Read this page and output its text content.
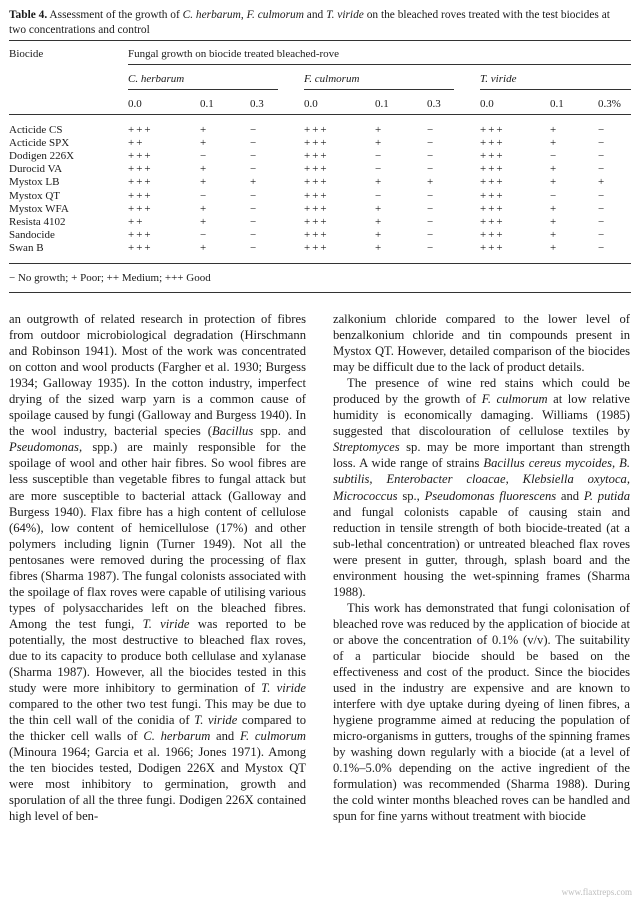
Table 4. Assessment of the growth of C. herbarum, F. culmorum and T. viride on the bleached roves treated with the test biocides at two concentrations and control
Biocide	Fungal growth on biocide treated bleached-rove
C. herbarum	F. culmorum	T. viride
0.0	0.1	0.3	0.0	0.1	0.3	0.0	0.1	0.3%
Acticide CS	+++	+	−	+++	+	−	+++	+	−
Acticide SPX	++	+	−	+++	+	−	+++	+	−
Dodigen 226X	+++	−	−	+++	−	−	+++	−	−
Durocid VA	+++	+	−	+++	−	−	+++	+	−
Mystox LB	+++	+	+	+++	+	+	+++	+	+
Mystox QT	+++	−	−	+++	−	−	+++	−	−
Mystox WFA	+++	+	−	+++	+	−	+++	+	−
Resista 4102	++	+	−	+++	+	−	+++	+	−
Sandocide	+++	−	−	+++	+	−	+++	+	−
Swan B	+++	+	−	+++	+	−	+++	+	−
− No growth; + Poor; ++ Medium; +++ Good

an outgrowth of related research in protection of fibres from outdoor microbiological degradation (Hirschmann and Robinson 1941). Most of the work was concentrated on cotton and wool products (Fargher et al. 1930; Burgess 1934; Galloway 1935). In the cotton industry, imperfect drying of the sized warp yarn is a common cause of spoilage caused by fungi (Galloway and Burgess 1940). In the wool industry, bacterial species (Bacillus spp. and Pseudomonas, spp.) are mainly responsible for the spoilage of wool and other hair fibres. So wool fibres are less susceptible than vegetable fibres to fungal attack but are more susceptible to bacterial attack (Galloway and Burgess 1940). Flax fibre has a high content of cellulose (64%), low content of hemicellulose (17%) and other polymers including lignin (Turner 1949). Not all the pentosanes were removed during the processing of flax fibres (Sharma 1987). The fungal colonists associated with the spoilage of flax roves were capable of utilising various types of polysaccharides left on the bleached fibres. Among the test fungi, T. viride was reported to be potentially, the most destructive to bleached flax roves, due to its capacity to produce both cellulase and xylanase (Sharma 1987). However, all the biocides tested in this study were more inhibitory to germination of T. viride compared to the other two test fungi. This may be due to the thin cell wall of the conidia of T. viride compared to the thicker cell walls of C. herbarum and F. culmorum (Minoura 1964; Garcia et al. 1966; Jones 1971). Among the ten biocides tested, Dodigen 226X and Mystox QT were most inhibitory to germination, growth and sporulation of all the three fungi. Dodigen 226X contained high level of ben-

zalkonium chloride compared to the lower level of benzalkonium chloride and tin compounds present in Mystox QT. However, detailed comparison of the biocides may be difficult due to the lack of product details.

The presence of wine red stains which could be produced by the growth of F. culmorum at low relative humidity is economically damaging. Williams (1985) suggested that discolouration of cellulose textiles by Streptomyces sp. may be more important than strength loss. A wide range of strains Bacillus cereus mycoides, B. subtilis, Enterobacter cloacae, Klebsiella oxytoca, Micrococcus sp., Pseudomonas fluorescens and P. putida and fungal colonists capable of causing stain and reduction in tensile strength of both biocide-treated (at a sub-lethal concentration) or untreated bleached flax roves were present in gutter, through, splash board and the environment housing the wet-spinning frames (Sharma 1988).

This work has demonstrated that fungi colonisation of bleached rove was reduced by the application of biocide at or above the concentration of 0.1% (v/v). The suitability of a particular biocide should be based on the effectiveness and cost of the product. Since the biocides used in the industry are expensive and are known to interfere with dye uptake during dyeing of linen fibres, a hygiene programme aimed at reducing the population of micro-organisms in gutters, troughs of the spinning frames by washing down regularly with a biocide (at a level of 0.1%–5.0% depending on the active ingredient of the formulation) was recommended (Sharma 1988). During the cold winter months bleached roves can be handled and spun for fine yarns without treatment with biocide

www.flaxtreps.com
